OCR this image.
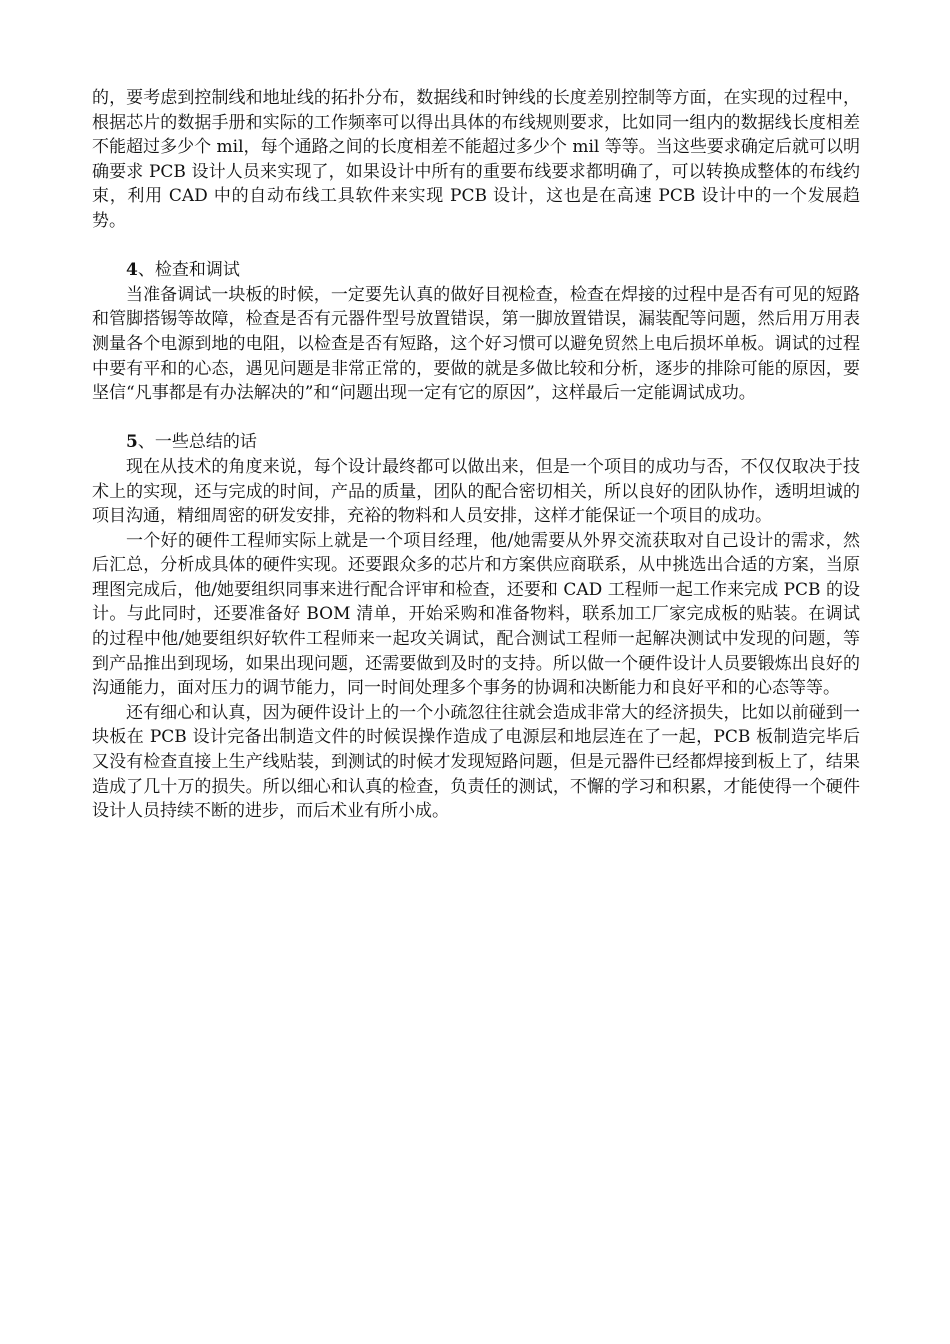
的，要考虑到控制线和地址线的拓扑分布，数据线和时钟线的长度差别控制等方面，在实现的过程中，根据芯片的数据手册和实际的工作频率可以得出具体的布线规则要求，比如同一组内的数据线长度相差不能超过多少个 mil，每个通路之间的长度相差不能超过多少个 mil 等等。当这些要求确定后就可以明确要求 PCB 设计人员来实现了，如果设计中所有的重要布线要求都明确了，可以转换成整体的布线约束，利用 CAD 中的自动布线工具软件来实现 PCB 设计，这也是在高速 PCB 设计中的一个发展趋势。

4、检查和调试

当准备调试一块板的时候，一定要先认真的做好目视检查，检查在焊接的过程中是否有可见的短路和管脚搭锡等故障，检查是否有元器件型号放置错误，第一脚放置错误，漏装配等问题，然后用万用表测量各个电源到地的电阻，以检查是否有短路，这个好习惯可以避免贸然上电后损坏单板。调试的过程中要有平和的心态，遇见问题是非常正常的，要做的就是多做比较和分析，逐步的排除可能的原因，要坚信“凡事都是有办法解决的”和“问题出现一定有它的原因”，这样最后一定能调试成功。

5、一些总结的话

现在从技术的角度来说，每个设计最终都可以做出来，但是一个项目的成功与否，不仅仅取决于技术上的实现，还与完成的时间，产品的质量，团队的配合密切相关，所以良好的团队协作，透明坦诚的项目沟通，精细周密的研发安排，充裕的物料和人员安排，这样才能保证一个项目的成功。

一个好的硬件工程师实际上就是一个项目经理，他/她需要从外界交流获取对自己设计的需求，然后汇总，分析成具体的硬件实现。还要跟众多的芯片和方案供应商联系，从中挑选出合适的方案，当原理图完成后，他/她要组织同事来进行配合评审和检查，还要和 CAD 工程师一起工作来完成 PCB 的设计。与此同时，还要准备好 BOM 清单，开始采购和准备物料，联系加工厂家完成板的贴装。在调试的过程中他/她要组织好软件工程师来一起攻关调试，配合测试工程师一起解决测试中发现的问题，等到产品推出到现场，如果出现问题，还需要做到及时的支持。所以做一个硬件设计人员要锻炼出良好的沟通能力，面对压力的调节能力，同一时间处理多个事务的协调和决断能力和良好平和的心态等等。

还有细心和认真，因为硬件设计上的一个小疏忽往往就会造成非常大的经济损失，比如以前碰到一块板在 PCB 设计完备出制造文件的时候误操作造成了电源层和地层连在了一起，PCB 板制造完毕后又没有检查直接上生产线贴装，到测试的时候才发现短路问题，但是元器件已经都焊接到板上了，结果造成了几十万的损失。所以细心和认真的检查，负责任的测试，不懈的学习和积累，才能使得一个硬件设计人员持续不断的进步，而后术业有所小成。
